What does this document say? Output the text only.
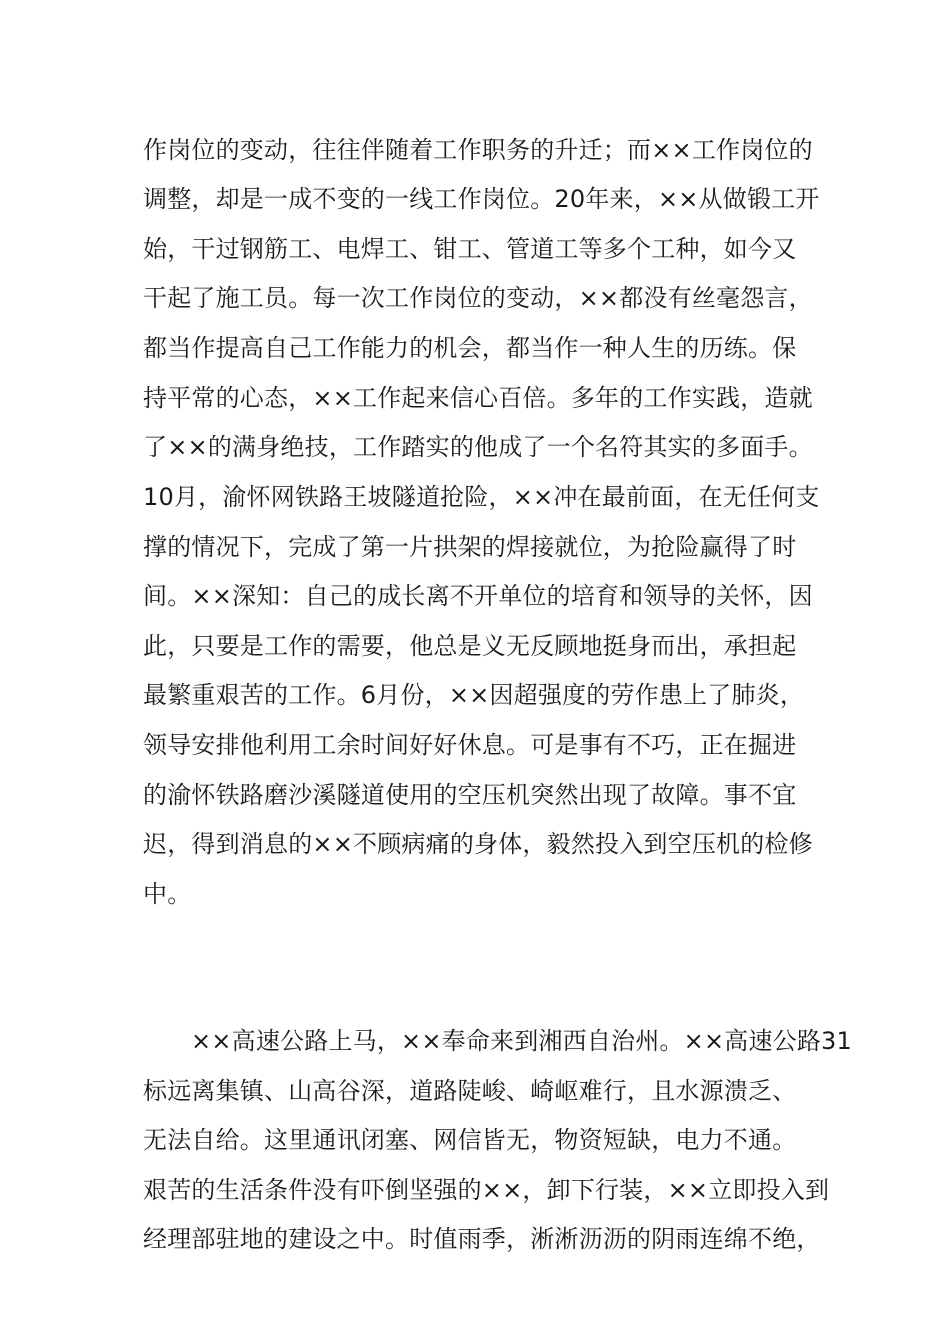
作岗位的变动，往往伴随着工作职务的升迁；而××工作岗位的
调整，却是一成不变的一线工作岗位。20年来，××从做锻工开
始，干过钢筋工、电焊工、钳工、管道工等多个工种，如今又
干起了施工员。每一次工作岗位的变动，××都没有丝毫怨言，
都当作提高自己工作能力的机会，都当作一种人生的历练。保
持平常的心态，××工作起来信心百倍。多年的工作实践，造就
了××的满身绝技，工作踏实的他成了一个名符其实的多面手。
10月，渝怀网铁路王坡隧道抢险，××冲在最前面，在无任何支
撑的情况下，完成了第一片拱架的焊接就位，为抢险赢得了时
间。××深知：自己的成长离不开单位的培育和领导的关怀，因
此，只要是工作的需要，他总是义无反顾地挺身而出，承担起
最繁重艰苦的工作。6月份，××因超强度的劳作患上了肺炎，
领导安排他利用工余时间好好休息。可是事有不巧，正在掘进
的渝怀铁路磨沙溪隧道使用的空压机突然出现了故障。事不宜
迟，得到消息的××不顾病痛的身体，毅然投入到空压机的检修
中。
××高速公路上马，××奉命来到湘西自治州。××高速公路31
标远离集镇、山高谷深，道路陡峻、崎岖难行，且水源溃乏、
无法自给。这里通讯闭塞、网信皆无，物资短缺，电力不通。
艰苦的生活条件没有吓倒坚强的××，卸下行装，××立即投入到
经理部驻地的建设之中。时值雨季，淅淅沥沥的阴雨连绵不绝，
